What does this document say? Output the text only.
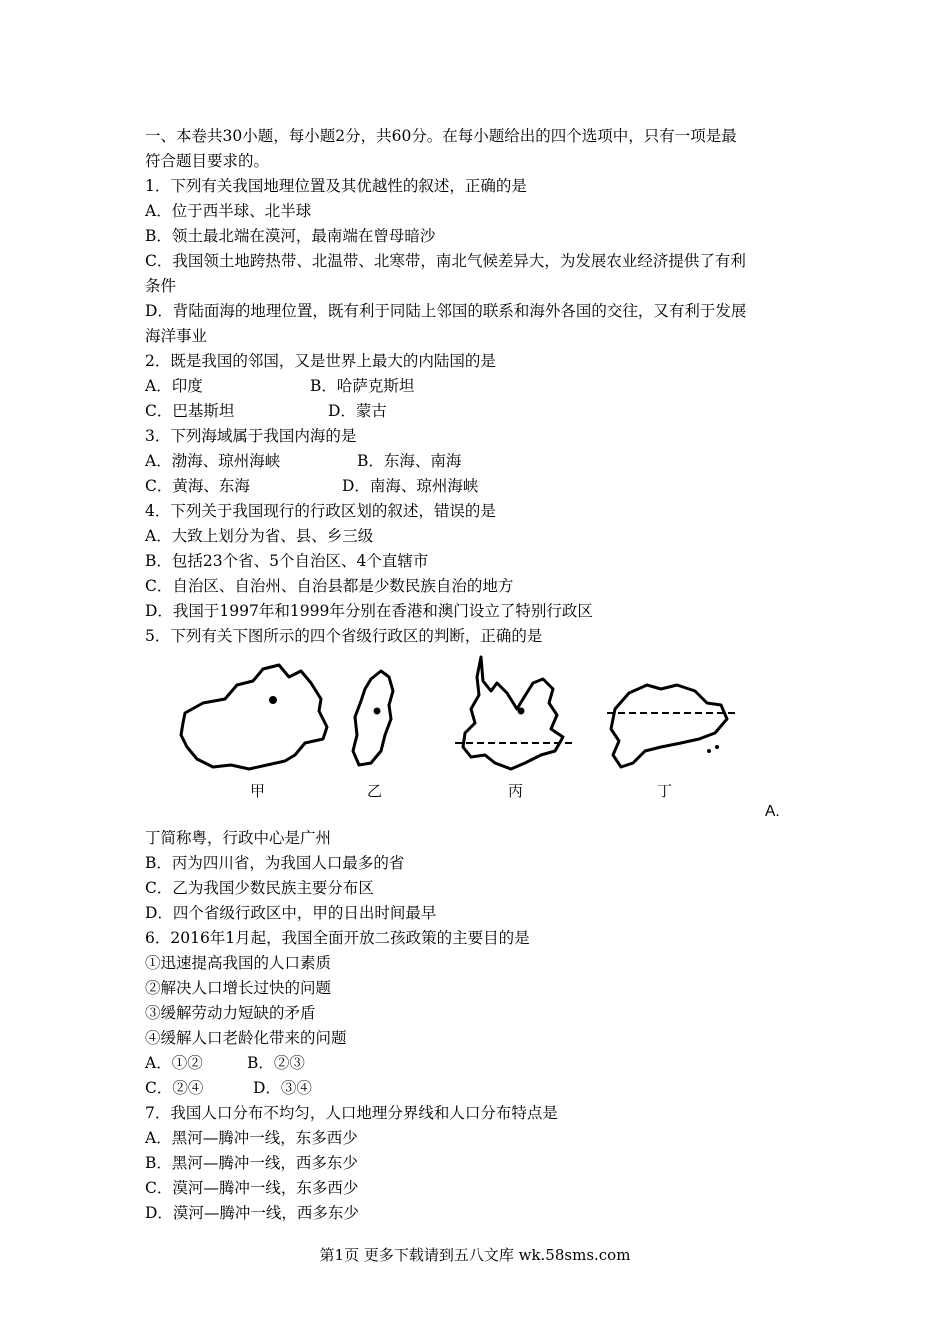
一、本卷共30小题，每小题2分，共60分。在每小题给出的四个选项中，只有一项是最
符合题目要求的。
1．下列有关我国地理位置及其优越性的叙述，正确的是
A．位于西半球、北半球
B．领土最北端在漠河，最南端在曾母暗沙
C．我国领土地跨热带、北温带、北寒带，南北气候差异大，为发展农业经济提供了有利
条件
D．背陆面海的地理位置，既有利于同陆上邻国的联系和海外各国的交往，又有利于发展
海洋事业
2．既是我国的邻国，又是世界上最大的内陆国的是
A．印度	B．哈萨克斯坦
C．巴基斯坦	D．蒙古
3．下列海域属于我国内海的是
A．渤海、琼州海峡	B．东海、南海
C．黄海、东海	D．南海、琼州海峡
4．下列关于我国现行的行政区划的叙述，错误的是
A．大致上划分为省、县、乡三级
B．包括23个省、5个自治区、4个直辖市
C．自治区、自治州、自治县都是少数民族自治的地方
D．我国于1997年和1999年分别在香港和澳门设立了特别行政区
5．下列有关下图所示的四个省级行政区的判断，正确的是
甲	乙	丙	丁
A.
丁简称粤，行政中心是广州
B．丙为四川省，为我国人口最多的省
C．乙为我国少数民族主要分布区
D．四个省级行政区中，甲的日出时间最早
6．2016年1月起，我国全面开放二孩政策的主要目的是
①迅速提高我国的人口素质
②解决人口增长过快的问题
③缓解劳动力短缺的矛盾
④缓解人口老龄化带来的问题
A．①②	B．②③
C．②④	D．③④
7．我国人口分布不均匀，人口地理分界线和人口分布特点是
A．黑河—腾冲一线，东多西少
B．黑河—腾冲一线，西多东少
C．漠河—腾冲一线，东多西少
D．漠河—腾冲一线，西多东少
第1页 更多下载请到五八文库 wk.58sms.com
